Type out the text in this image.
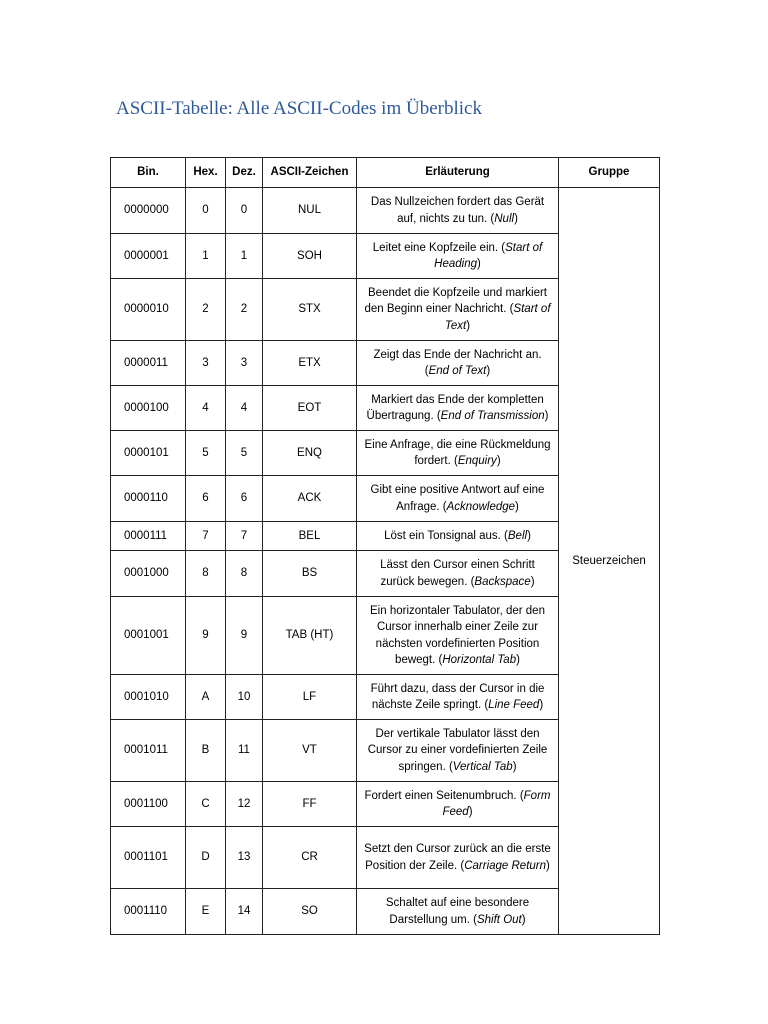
ASCII-Tabelle: Alle ASCII-Codes im Überblick
Bin.	Hex.	Dez.	ASCII-Zeichen	Erläuterung	Gruppe
0000000	0	0	NUL	Das Nullzeichen fordert das Gerät auf, nichts zu tun. (Null)	Steuerzeichen
0000001	1	1	SOH	Leitet eine Kopfzeile ein. (Start of Heading)	
0000010	2	2	STX	Beendet die Kopfzeile und markiert den Beginn einer Nachricht. (Start of Text)	
0000011	3	3	ETX	Zeigt das Ende der Nachricht an. (End of Text)	
0000100	4	4	EOT	Markiert das Ende der kompletten Übertragung. (End of Transmission)	
0000101	5	5	ENQ	Eine Anfrage, die eine Rückmeldung fordert. (Enquiry)	
0000110	6	6	ACK	Gibt eine positive Antwort auf eine Anfrage. (Acknowledge)	
0000111	7	7	BEL	Löst ein Tonsignal aus. (Bell)	
0001000	8	8	BS	Lässt den Cursor einen Schritt zurück bewegen. (Backspace)	
0001001	9	9	TAB (HT)	Ein horizontaler Tabulator, der den Cursor innerhalb einer Zeile zur nächsten vordefinierten Position bewegt. (Horizontal Tab)	
0001010	A	10	LF	Führt dazu, dass der Cursor in die nächste Zeile springt. (Line Feed)	
0001011	B	11	VT	Der vertikale Tabulator lässt den Cursor zu einer vordefinierten Zeile springen. (Vertical Tab)	
0001100	C	12	FF	Fordert einen Seitenumbruch. (Form Feed)	
0001101	D	13	CR	Setzt den Cursor zurück an die erste Position der Zeile. (Carriage Return)	
0001110	E	14	SO	Schaltet auf eine besondere Darstellung um. (Shift Out)	
